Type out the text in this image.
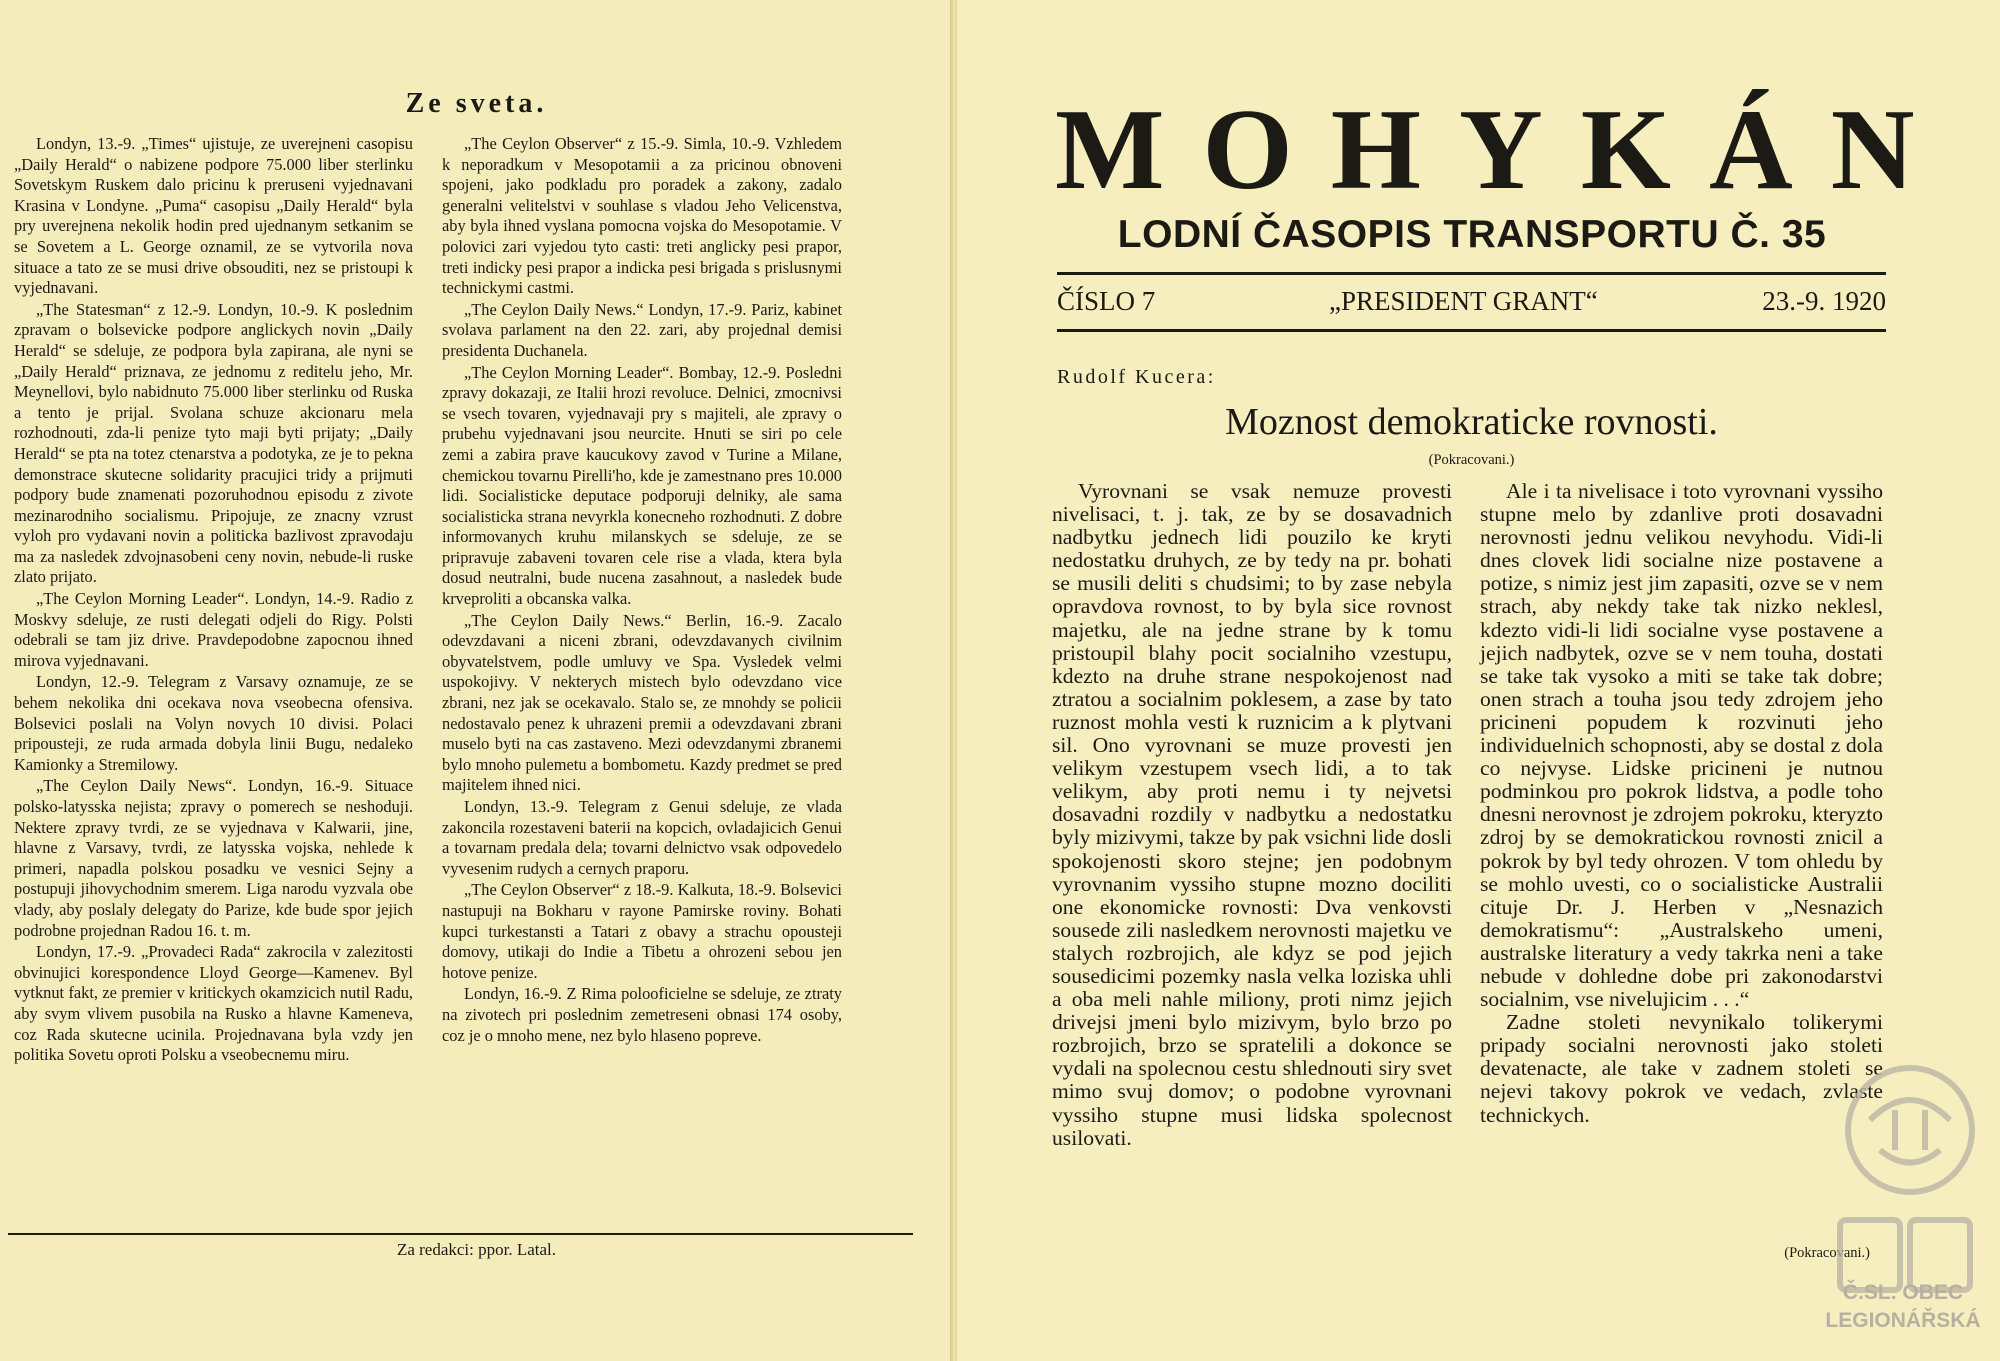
Ze sveta.

Londyn, 13.-9. „Times“ ujistuje, ze uverejneni casopisu „Daily Herald“ o nabizene podpore 75.000 liber sterlinku Sovetskym Ruskem dalo pricinu k preruseni vyjednavani Krasina v Londyne. „Puma“ casopisu „Daily Herald“ byla pry uverejnena nekolik hodin pred ujednanym setkanim se se Sovetem a L. George oznamil, ze se vytvorila nova situace a tato ze se musi drive obsouditi, nez se pristoupi k vyjednavani.

„The Statesman“ z 12.-9. Londyn, 10.-9. K poslednim zpravam o bolsevicke podpore anglickych novin „Daily Herald“ se sdeluje, ze podpora byla zapirana, ale nyni se „Daily Herald“ priznava, ze jednomu z reditelu jeho, Mr. Meynellovi, bylo nabidnuto 75.000 liber sterlinku od Ruska a tento je prijal. Svolana schuze akcionaru mela rozhodnouti, zda-li penize tyto maji byti prijaty; „Daily Herald“ se pta na totez ctenarstva a podotyka, ze je to pekna demonstrace skutecne solidarity pracujici tridy a prijmuti podpory bude znamenati pozoruhodnou episodu z zivote mezinarodniho socialismu. Pripojuje, ze znacny vzrust vyloh pro vydavani novin a politicka bazlivost zpravodaju ma za nasledek zdvojnasobeni ceny novin, nebude-li ruske zlato prijato.

„The Ceylon Morning Leader“. Londyn, 14.-9. Radio z Moskvy sdeluje, ze rusti delegati odjeli do Rigy. Polsti odebrali se tam jiz drive. Pravdepodobne zapocnou ihned mirova vyjednavani.

Londyn, 12.-9. Telegram z Varsavy oznamuje, ze se behem nekolika dni ocekava nova vseobecna ofensiva. Bolsevici poslali na Volyn novych 10 divisi. Polaci pripousteji, ze ruda armada dobyla linii Bugu, nedaleko Kamionky a Stremilowy.

„The Ceylon Daily News“. Londyn, 16.-9. Situace polsko-latysska nejista; zpravy o pomerech se neshoduji. Nektere zpravy tvrdi, ze se vyjednava v Kalwarii, jine, hlavne z Varsavy, tvrdi, ze latysska vojska, nehlede k primeri, napadla polskou posadku ve vesnici Sejny a postupuji jihovychodnim smerem. Liga narodu vyzvala obe vlady, aby poslaly delegaty do Parize, kde bude spor jejich podrobne projednan Radou 16. t. m.

Londyn, 17.-9. „Provadeci Rada“ zakrocila v zalezitosti obvinujici korespondence Lloyd George—Kamenev. Byl vytknut fakt, ze premier v kritickych okamzicich nutil Radu, aby svym vlivem pusobila na Rusko a hlavne Kameneva, coz Rada skutecne ucinila. Projednavana byla vzdy jen politika Sovetu oproti Polsku a vseobecnemu miru.

„The Ceylon Observer“ z 15.-9. Simla, 10.-9. Vzhledem k neporadkum v Mesopotamii a za pricinou obnoveni spojeni, jako podkladu pro poradek a zakony, zadalo generalni velitelstvi v souhlase s vladou Jeho Velicenstva, aby byla ihned vyslana pomocna vojska do Mesopotamie. V polovici zari vyjedou tyto casti: treti anglicky pesi prapor, treti indicky pesi prapor a indicka pesi brigada s prislusnymi technickymi castmi.

„The Ceylon Daily News.“ Londyn, 17.-9. Pariz, kabinet svolava parlament na den 22. zari, aby projednal demisi presidenta Duchanela.

„The Ceylon Morning Leader“. Bombay, 12.-9. Posledni zpravy dokazaji, ze Italii hrozi revoluce. Delnici, zmocnivsi se vsech tovaren, vyjednavaji pry s majiteli, ale zpravy o prubehu vyjednavani jsou neurcite. Hnuti se siri po cele zemi a zabira prave kaucukovy zavod v Turine a Milane, chemickou tovarnu Pirelli'ho, kde je zamestnano pres 10.000 lidi. Socialisticke deputace podporuji delniky, ale sama socialisticka strana nevyrkla konecneho rozhodnuti. Z dobre informovanych kruhu milanskych se sdeluje, ze se pripravuje zabaveni tovaren cele rise a vlada, ktera byla dosud neutralni, bude nucena zasahnout, a nasledek bude krveproliti a obcanska valka.

„The Ceylon Daily News.“ Berlin, 16.-9. Zacalo odevzdavani a niceni zbrani, odevzdavanych civilnim obyvatelstvem, podle umluvy ve Spa. Vysledek velmi uspokojivy. V nekterych mistech bylo odevzdano vice zbrani, nez jak se ocekavalo. Stalo se, ze mnohdy se policii nedostavalo penez k uhrazeni premii a odevzdavani zbrani muselo byti na cas zastaveno. Mezi odevzdanymi zbranemi bylo mnoho pulemetu a bombometu. Kazdy predmet se pred majitelem ihned nici.

Londyn, 13.-9. Telegram z Genui sdeluje, ze vlada zakoncila rozestaveni baterii na kopcich, ovladajicich Genui a tovarnam predala dela; tovarni delnictvo vsak odpovedelo vyvesenim rudych a cernych praporu.

„The Ceylon Observer“ z 18.-9. Kalkuta, 18.-9. Bolsevici nastupuji na Bokharu v rayone Pamirske roviny. Bohati kupci turkestansti a Tatari z obavy a strachu opousteji domovy, utikaji do Indie a Tibetu a ohrozeni sebou jen hotove penize.

Londyn, 16.-9. Z Rima polooficielne se sdeluje, ze ztraty na zivotech pri poslednim zemetreseni obnasi 174 osoby, coz je o mnoho mene, nez bylo hlaseno popreve.

Za redakci: ppor. Latal.
MOHYKÁN
LODNÍ ČASOPIS TRANSPORTU Č. 35
ČÍSLO 7	„PRESIDENT GRANT“	23.-9. 1920
Rudolf Kucera:
Moznost demokraticke rovnosti.
(Pokracovani.)

Vyrovnani se vsak nemuze provesti nivelisaci, t. j. tak, ze by se dosavadnich nadbytku jednech lidi pouzilo ke kryti nedostatku druhych, ze by tedy na pr. bohati se musili deliti s chudsimi; to by zase nebyla opravdova rovnost, to by byla sice rovnost majetku, ale na jedne strane by k tomu pristoupil blahy pocit socialniho vzestupu, kdezto na druhe strane nespokojenost nad ztratou a socialnim poklesem, a zase by tato ruznost mohla vesti k ruznicim a k plytvani sil. Ono vyrovnani se muze provesti jen velikym vzestupem vsech lidi, a to tak velikym, aby proti nemu i ty nejvetsi dosavadni rozdily v nadbytku a nedostatku byly mizivymi, takze by pak vsichni lide dosli spokojenosti skoro stejne; jen podobnym vyrovnanim vyssiho stupne mozno dociliti one ekonomicke rovnosti: Dva venkovsti sousede zili nasledkem nerovnosti majetku ve stalych rozbrojich, ale kdyz se pod jejich sousedicimi pozemky nasla velka loziska uhli a oba meli nahle miliony, proti nimz jejich drivejsi jmeni bylo mizivym, bylo brzo po rozbrojich, brzo se spratelili a dokonce se vydali na spolecnou cestu shlednouti siry svet mimo svuj domov; o podobne vyrovnani vyssiho stupne musi lidska spolecnost usilovati.

Ale i ta nivelisace i toto vyrovnani vyssiho stupne melo by zdanlive proti dosavadni nerovnosti jednu velikou nevyhodu. Vidi-li dnes clovek lidi socialne nize postavene a potize, s nimiz jest jim zapasiti, ozve se v nem strach, aby nekdy take tak nizko neklesl, kdezto vidi-li lidi socialne vyse postavene a jejich nadbytek, ozve se v nem touha, dostati se take tak vysoko a miti se take tak dobre; onen strach a touha jsou tedy zdrojem jeho pricineni popudem k rozvinuti jeho individuelnich schopnosti, aby se dostal z dola co nejvyse. Lidske pricineni je nutnou podminkou pro pokrok lidstva, a podle toho dnesni nerovnost je zdrojem pokroku, kteryzto zdroj by se demokratickou rovnosti znicil a pokrok by byl tedy ohrozen. V tom ohledu by se mohlo uvesti, co o socialisticke Australii cituje Dr. J. Herben v „Nesnazich demokratismu“: „Australskeho umeni, australske literatury a vedy takrka neni a take nebude v dohledne dobe pri zakonodarstvi socialnim, vse nivelujicim . . .“

Zadne stoleti nevynikalo tolikerymi pripady socialni nerovnosti jako stoleti devatenacte, ale take v zadnem stoleti se nejevi takovy pokrok ve vedach, zvlaste technickych.

(Pokracovani.)
Č.SL. OBEC
LEGIONÁŘSKÁ
